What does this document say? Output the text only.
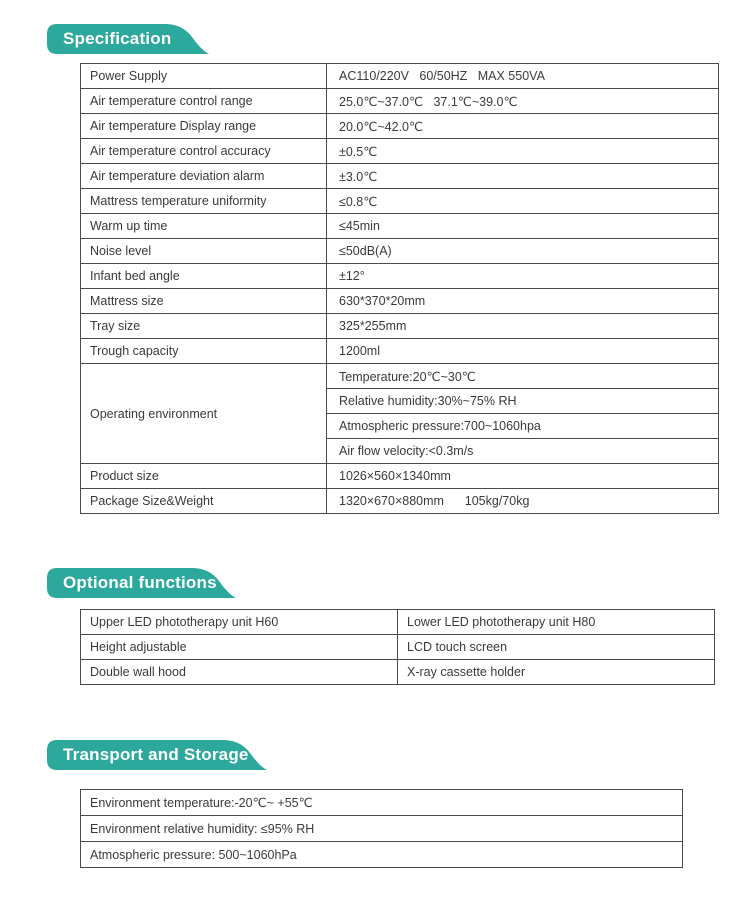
Specification
Power Supply	AC110/220V   60/50HZ   MAX 550VA
Air temperature control range	25.0℃~37.0℃   37.1℃~39.0℃
Air temperature Display range	20.0℃~42.0℃
Air temperature control accuracy	±0.5℃
Air temperature deviation alarm	±3.0℃
Mattress temperature uniformity	≤0.8℃
Warm up time	≤45min
Noise level	≤50dB(A)
Infant bed angle	±12°
Mattress size	630*370*20mm
Tray size	325*255mm
Trough capacity	1200ml
Operating environment	Temperature:20℃~30℃
	Relative humidity:30%~75% RH
	Atmospheric pressure:700~1060hpa
	Air flow velocity:<0.3m/s
Product size	1026×560×1340mm
Package Size&Weight	1320×670×880mm      105kg/70kg
Optional functions
Upper LED phototherapy unit H60	Lower LED phototherapy unit H80
Height adjustable	LCD touch screen
Double wall hood	X-ray cassette holder
Transport and Storage
Environment temperature:-20℃~ +55℃
Environment relative humidity: ≤95% RH
Atmospheric pressure: 500~1060hPa
